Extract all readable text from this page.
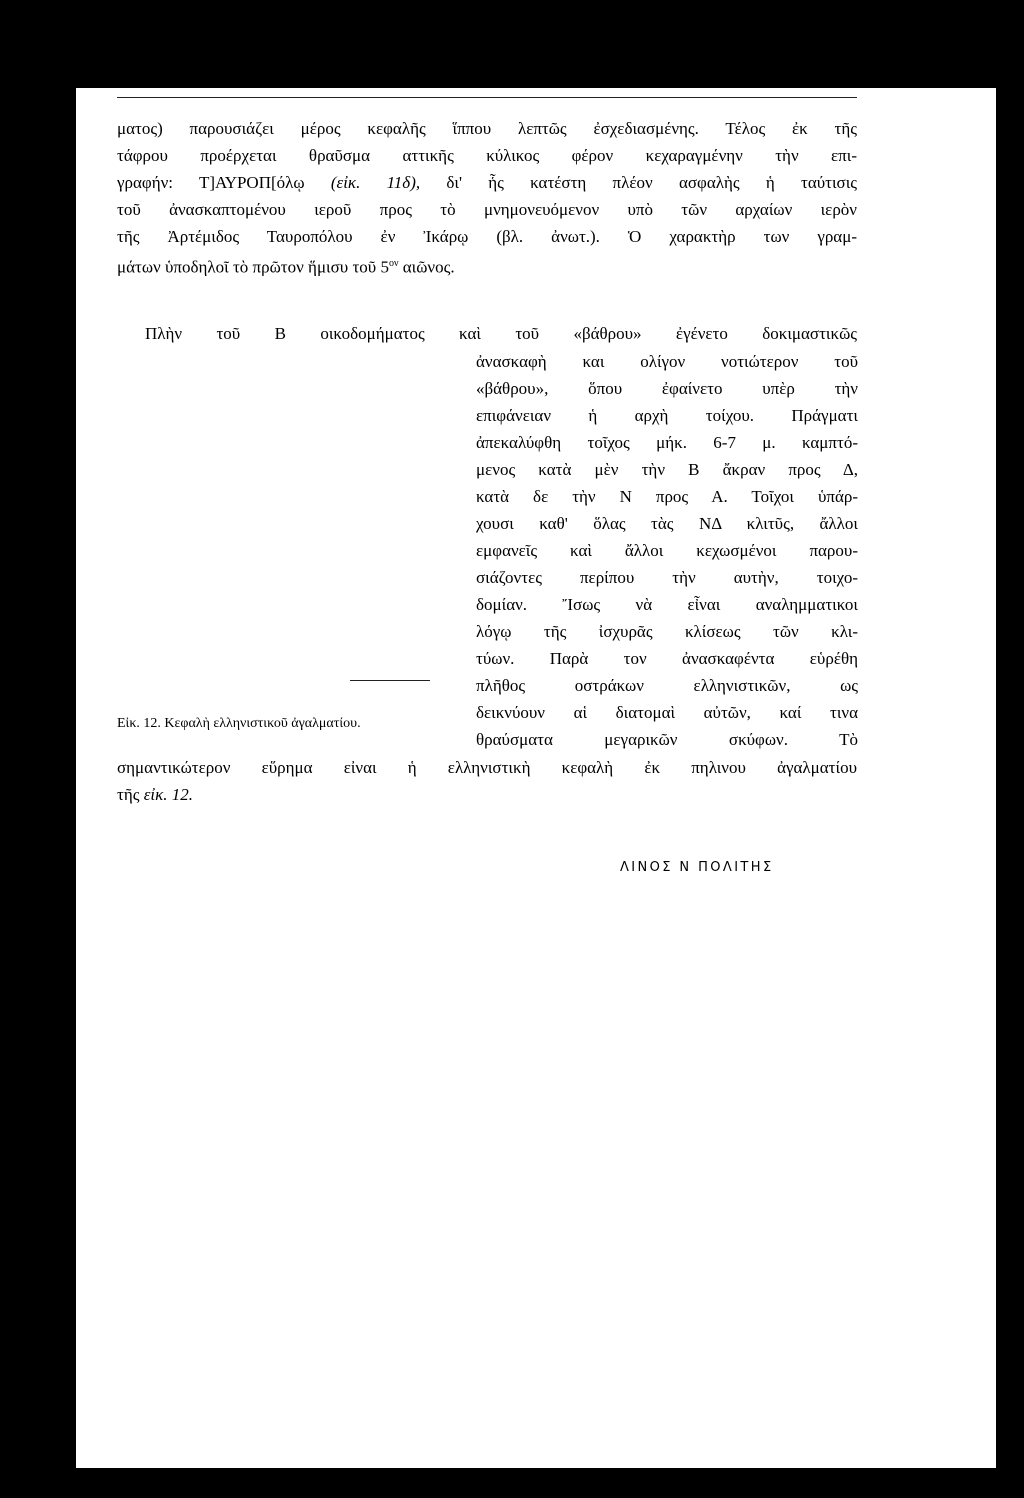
138	Πρακτικὰ τῆς Ἀρχαιολογικῆς Ἑταιρείας 1939
ματος) παρουσιάζει μέρος κεφαλῆς ἵππου λεπτῶς ἐσχεδιασμένης. Τέλος ἐκ τῆς
τάφρου προέρχεται θραῦσμα αττικῆς κύλικος φέρον κεχαραγμένην τὴν επι-
γραφήν: Τ]ΑΥΡΟΠ[όλῳ (εἰκ. 11δ), δι' ἧς κατέστη πλέον ασφαλὴς ἡ ταύτισις
τοῦ ἀνασκαπτομένου ιεροῦ προς τὸ μνημονευόμενον υπὸ τῶν αρχαίων ιερὸν
τῆς Ἀρτέμιδος Ταυροπόλου ἐν Ἰκάρῳ (βλ. ἀνωτ.). Ὁ χαρακτὴρ των γραμ-
μάτων ὑποδηλοῖ τὸ πρῶτον ἥμισυ τοῦ $5^{o\nu}$ αιῶνος.
Πλὴν τοῦ Β οικοδομήματος καὶ τοῦ «βάθρου» ἐγένετο δοκιμαστικῶς
ἀνασκαφὴ και ολίγον νοτιώτερον τοῦ
«βάθρου», ὅπου ἐφαίνετο υπὲρ τὴν
επιφάνειαν ἡ αρχὴ τοίχου. Πράγματι
ἀπεκαλύφθη τοῖχος μήκ. 6-7 μ. καμπτό-
μενος κατὰ μὲν τὴν Β ἄκραν προς Δ,
κατὰ δε τὴν Ν προς Α. Τοῖχοι ὑπάρ-
χουσι καθ' ὅλας τὰς ΝΔ κλιτῦς, ἄλλοι
εμφανεῖς καὶ ἄλλοι κεχωσμένοι παρου-
σιάζοντες περίπου τὴν αυτὴν, τοιχο-
δομίαν. Ἴσως νὰ εἶναι αναλημματικοι
λόγῳ τῆς ἰσχυρᾶς κλίσεως τῶν κλι-
τύων. Παρὰ τον ἀνασκαφέντα εὑρέθη
πλῆθος οστράκων ελληνιστικῶν, ως
δεικνύουν αἱ διατομαὶ αὐτῶν, καί τινα
θραύσματα μεγαρικῶν σκύφων. Τὸ
Εἰκ. 12. Κεφαλὴ ελληνιστικοῦ ἀγαλματίου.
σημαντικώτερον εὕρημα εἰναι ἡ ελληνιστικὴ κεφαλὴ ἐκ πηλινου ἀγαλματίου
τῆς εἰκ. 12.
ΛΙΝΟΣ Ν ΠΟΛΙΤΗΣ
